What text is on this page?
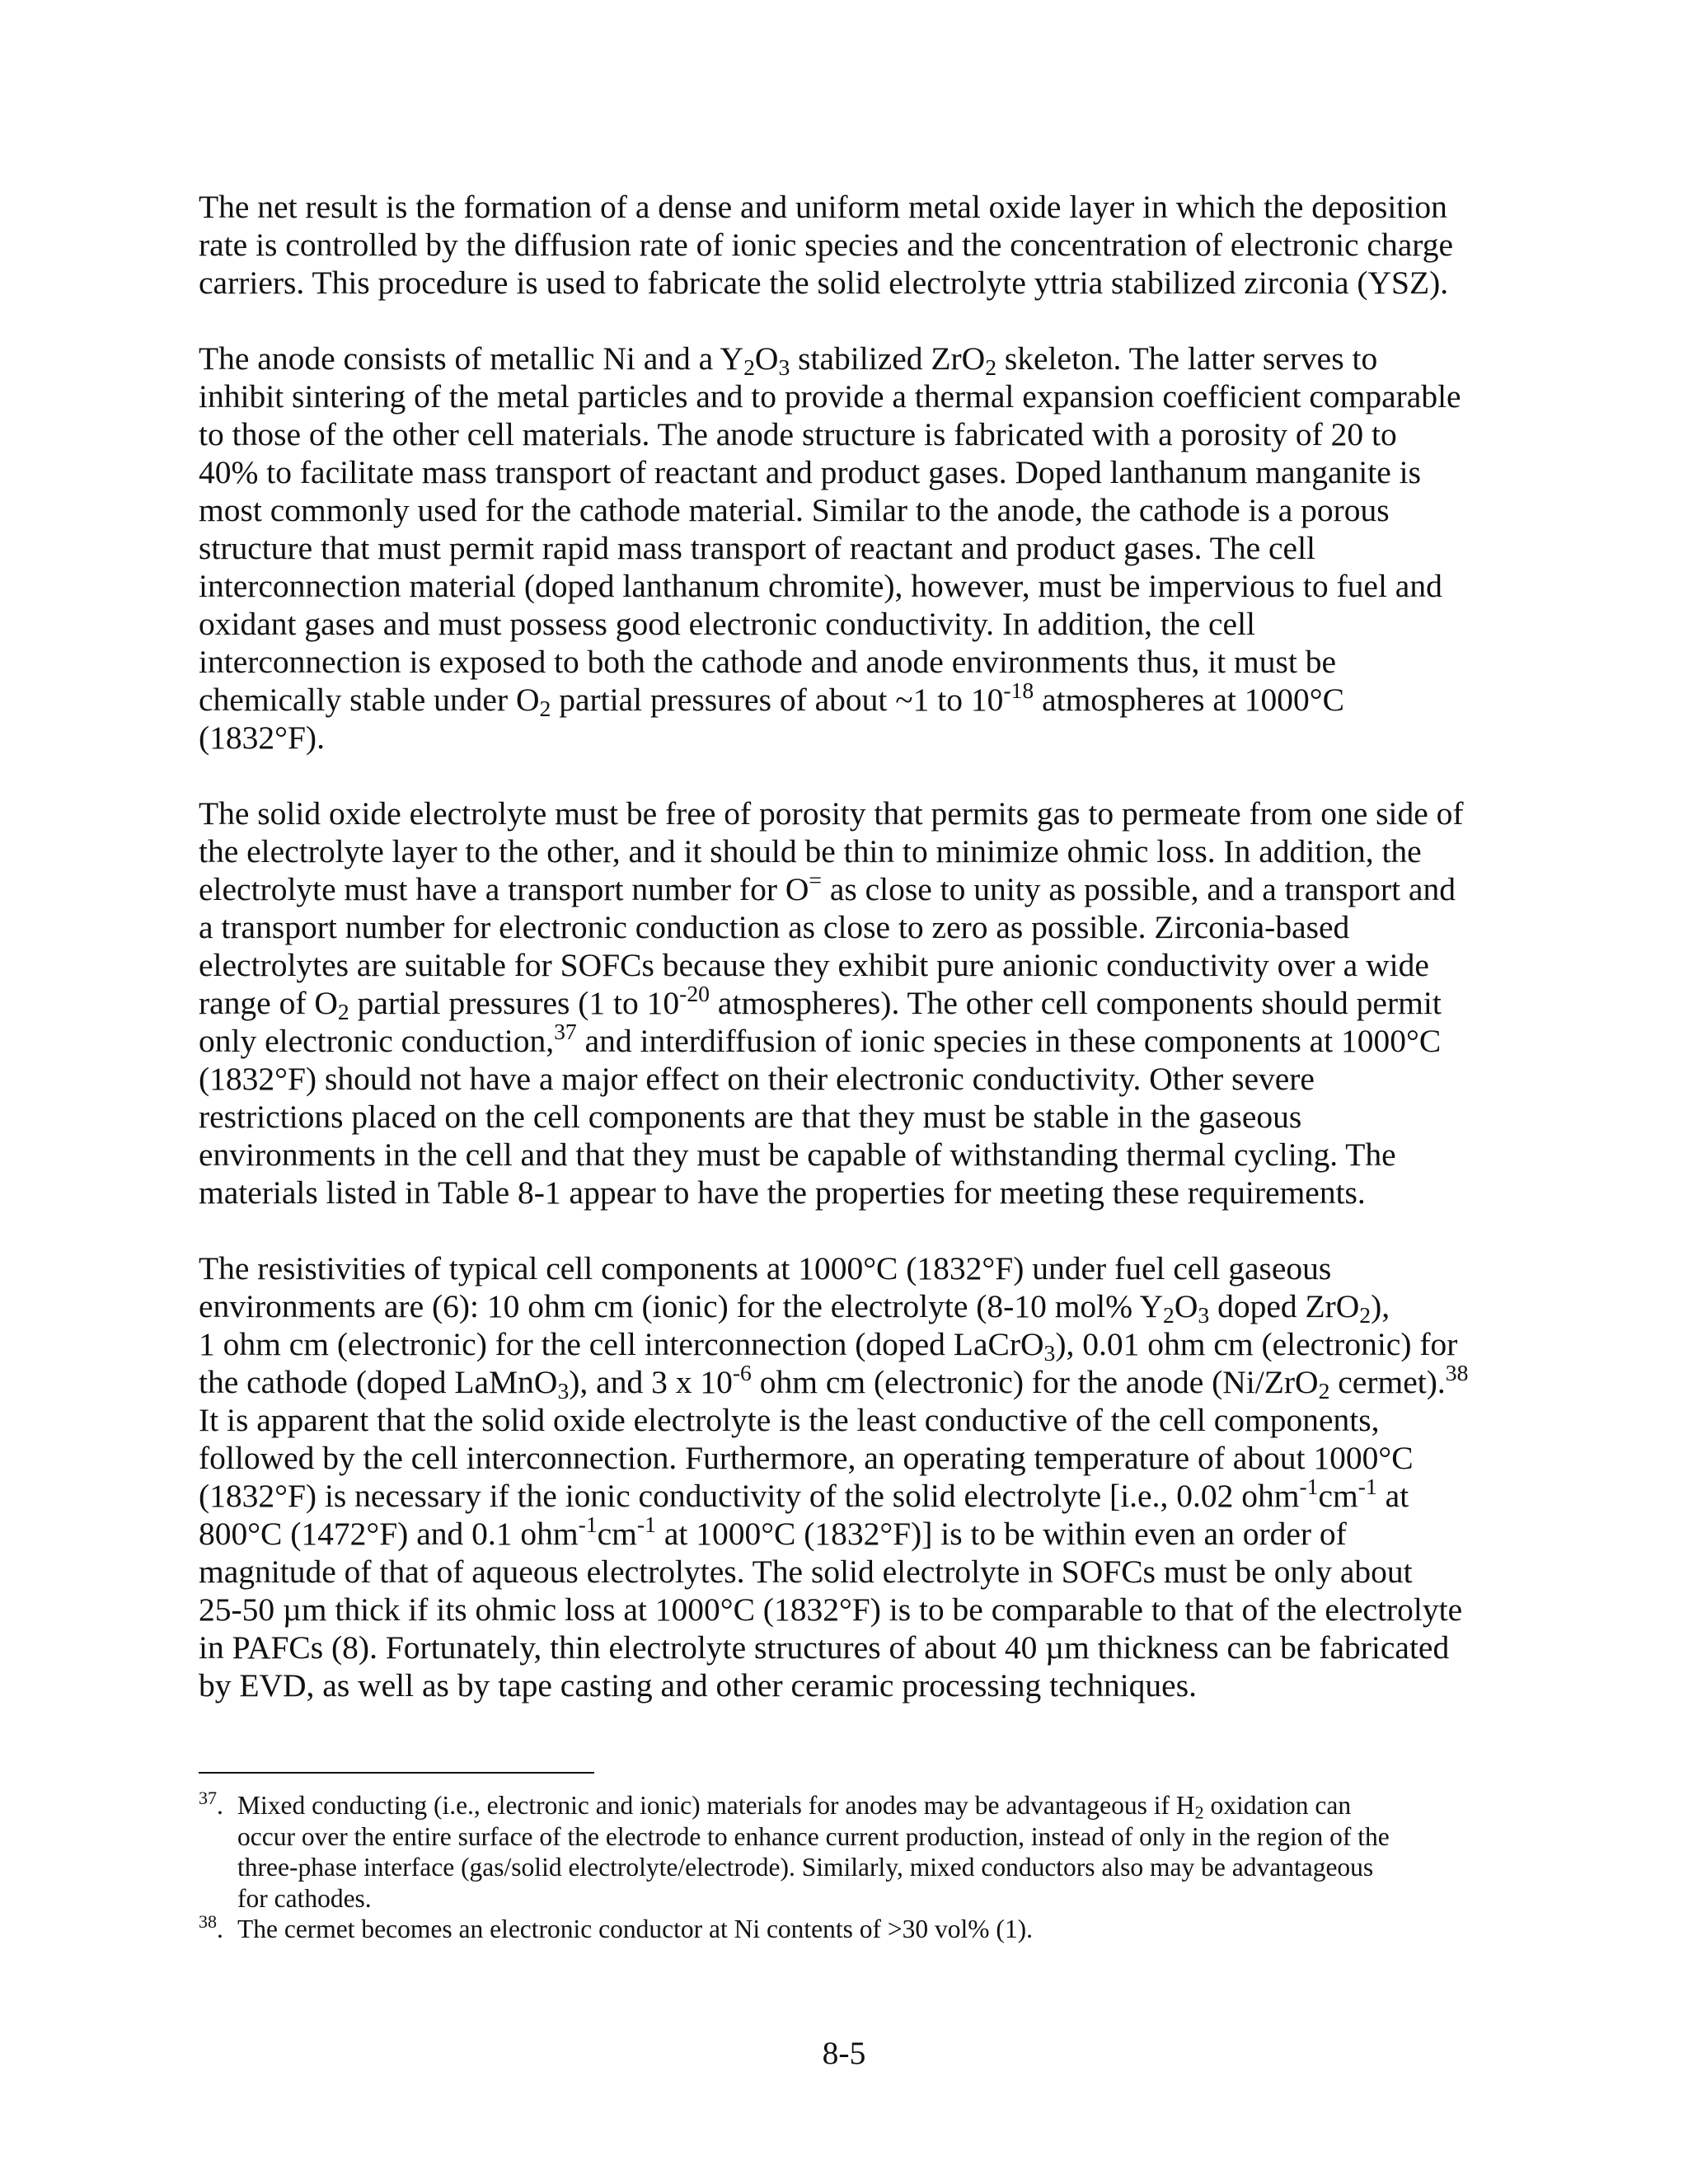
The net result is the formation of a dense and uniform metal oxide layer in which the deposition
rate is controlled by the diffusion rate of ionic species and the concentration of electronic charge
carriers. This procedure is used to fabricate the solid electrolyte yttria stabilized zirconia (YSZ).

The anode consists of metallic Ni and a $Y_2O_3$ stabilized ZrO$_2$ skeleton. The latter serves to
inhibit sintering of the metal particles and to provide a thermal expansion coefficient comparable
to those of the other cell materials. The anode structure is fabricated with a porosity of 20 to
40% to facilitate mass transport of reactant and product gases. Doped lanthanum manganite is
most commonly used for the cathode material. Similar to the anode, the cathode is a porous
structure that must permit rapid mass transport of reactant and product gases. The cell
interconnection material (doped lanthanum chromite), however, must be impervious to fuel and
oxidant gases and must possess good electronic conductivity. In addition, the cell
interconnection is exposed to both the cathode and anode environments thus, it must be
chemically stable under $O_2$ partial pressures of about ~1 to $10^{-18}$ atmospheres at 1000°C
(1832°F).

The solid oxide electrolyte must be free of porosity that permits gas to permeate from one side of
the electrolyte layer to the other, and it should be thin to minimize ohmic loss. In addition, the
electrolyte must have a transport number for O= as close to unity as possible, and a transport and
a transport number for electronic conduction as close to zero as possible. Zirconia-based
electrolytes are suitable for SOFCs because they exhibit pure anionic conductivity over a wide
range of $O_2$ partial pressures (1 to $10^{-20}$ atmospheres). The other cell components should permit
only electronic conduction,$^{37}$ and interdiffusion of ionic species in these components at 1000°C
(1832°F) should not have a major effect on their electronic conductivity. Other severe
restrictions placed on the cell components are that they must be stable in the gaseous
environments in the cell and that they must be capable of withstanding thermal cycling. The
materials listed in Table 8-1 appear to have the properties for meeting these requirements.

The resistivities of typical cell components at 1000°C (1832°F) under fuel cell gaseous
environments are (6): 10 ohm cm (ionic) for the electrolyte (8-10 mol% $Y_2O_3$ doped ZrO$_2$),
1 ohm cm (electronic) for the cell interconnection (doped LaCrO$_3$), 0.01 ohm cm (electronic) for
the cathode (doped LaMnO$_3$), and 3 x $10^{-6}$ ohm cm (electronic) for the anode (Ni/ZrO$_2$ cermet).$^{38}$
It is apparent that the solid oxide electrolyte is the least conductive of the cell components,
followed by the cell interconnection. Furthermore, an operating temperature of about 1000°C
(1832°F) is necessary if the ionic conductivity of the solid electrolyte [i.e., 0.02 $ohm^{-1}cm^{-1}$ at
800°C (1472°F) and 0.1 $ohm^{-1}cm^{-1}$ at 1000°C (1832°F)] is to be within even an order of
magnitude of that of aqueous electrolytes. The solid electrolyte in SOFCs must be only about
25-50 µm thick if its ohmic loss at 1000°C (1832°F) is to be comparable to that of the electrolyte
in PAFCs (8). Fortunately, thin electrolyte structures of about 40 µm thickness can be fabricated
by EVD, as well as by tape casting and other ceramic processing techniques.

$^{37}$. Mixed conducting (i.e., electronic and ionic) materials for anodes may be advantageous if $H_2$ oxidation can
occur over the entire surface of the electrode to enhance current production, instead of only in the region of the
three-phase interface (gas/solid electrolyte/electrode). Similarly, mixed conductors also may be advantageous
for cathodes.
$^{38}$. The cermet becomes an electronic conductor at Ni contents of >30 vol% (1).
8-5
